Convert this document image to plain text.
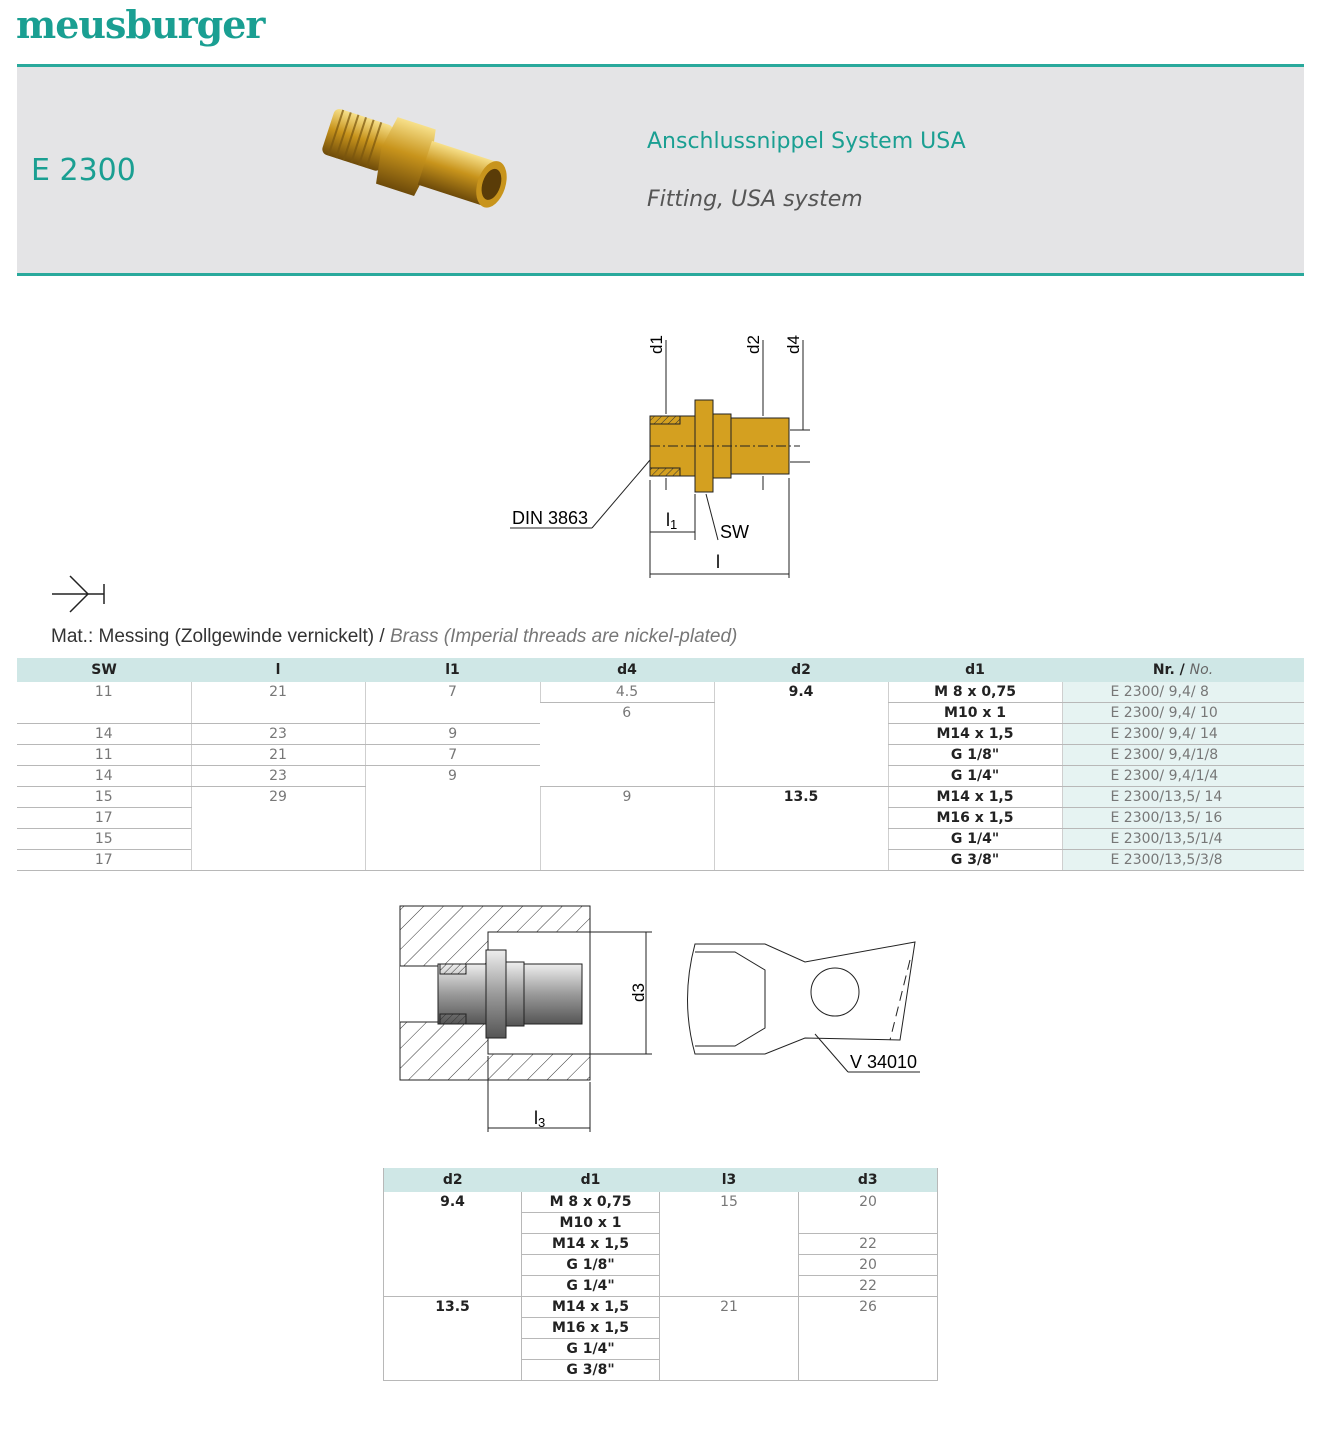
meusburger
E 2300
Anschlussnippel System USA
Fitting, USA system
d1	d2 d4
DIN 3863	l1 SW
l
Mat.: Messing (Zollgewinde vernickelt) / Brass (Imperial threads are nickel-plated)
SW	l	l1	d4	d2	d1	Nr. / No.
11	21	7	4.5	9.4	M 8 x 0,75	E 2300/ 9,4/ 8
			6		M10 x 1	E 2300/ 9,4/ 10
14	23	9			M14 x 1,5	E 2300/ 9,4/ 14
11	21	7			G 1/8"	E 2300/ 9,4/1/8
14	23	9			G 1/4"	E 2300/ 9,4/1/4
15	29		9	13.5	M14 x 1,5	E 2300/13,5/ 14
17					M16 x 1,5	E 2300/13,5/ 16
15					G 1/4"	E 2300/13,5/1/4
17					G 3/8"	E 2300/13,5/3/8
d3
l3
V 34010
d2	d1	l3	d3
9.4	M 8 x 0,75	15	20
	M10 x 1		
	M14 x 1,5		22
	G 1/8"		20
	G 1/4"		22
13.5	M14 x 1,5	21	26
	M16 x 1,5		
	G 1/4"		
	G 3/8"		
